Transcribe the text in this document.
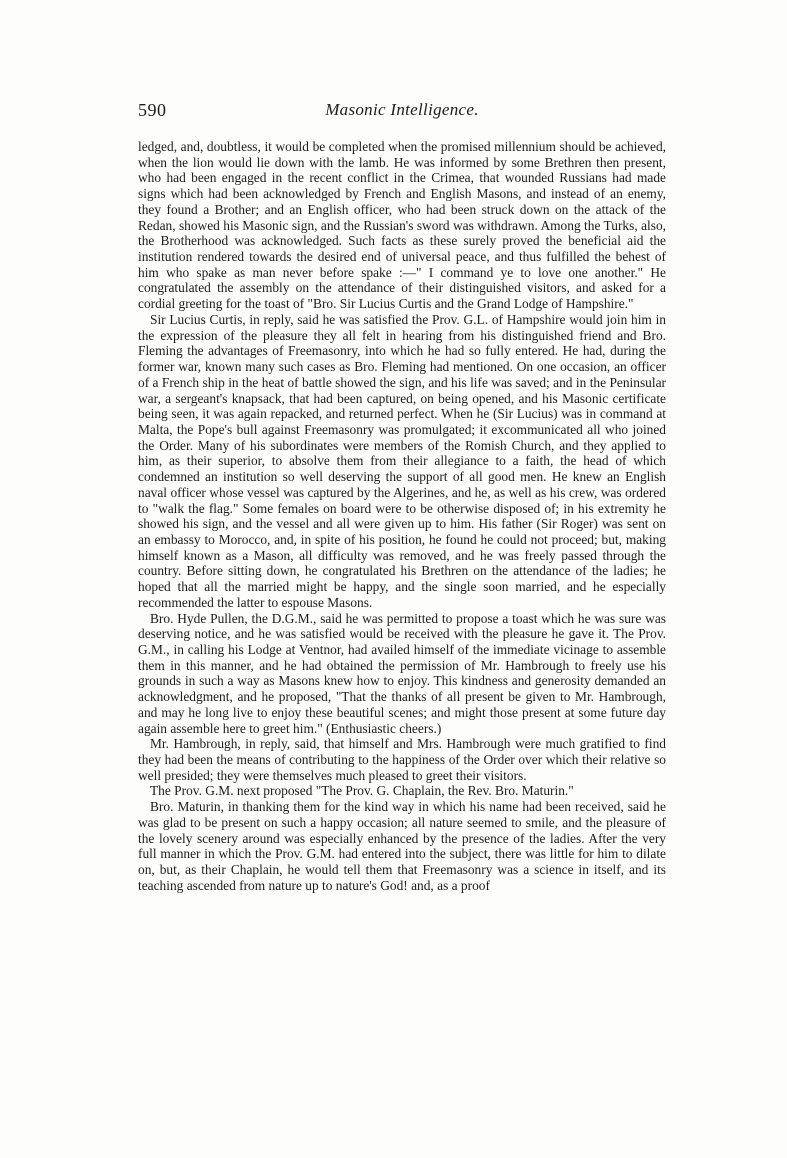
590	Masonic Intelligence.

ledged, and, doubtless, it would be completed when the promised millennium should be achieved, when the lion would lie down with the lamb. He was informed by some Brethren then present, who had been engaged in the recent conflict in the Crimea, that wounded Russians had made signs which had been acknowledged by French and English Masons, and instead of an enemy, they found a Brother; and an English officer, who had been struck down on the attack of the Redan, showed his Masonic sign, and the Russian's sword was withdrawn. Among the Turks, also, the Brotherhood was acknowledged. Such facts as these surely proved the beneficial aid the institution rendered towards the desired end of universal peace, and thus fulfilled the behest of him who spake as man never before spake :—" I command ye to love one another." He congratulated the assembly on the attendance of their distinguished visitors, and asked for a cordial greeting for the toast of "Bro. Sir Lucius Curtis and the Grand Lodge of Hampshire."

Sir Lucius Curtis, in reply, said he was satisfied the Prov. G.L. of Hampshire would join him in the expression of the pleasure they all felt in hearing from his distinguished friend and Bro. Fleming the advantages of Freemasonry, into which he had so fully entered. He had, during the former war, known many such cases as Bro. Fleming had mentioned. On one occasion, an officer of a French ship in the heat of battle showed the sign, and his life was saved; and in the Peninsular war, a sergeant's knapsack, that had been captured, on being opened, and his Masonic certificate being seen, it was again repacked, and returned perfect. When he (Sir Lucius) was in command at Malta, the Pope's bull against Freemasonry was promulgated; it excommunicated all who joined the Order. Many of his subordinates were members of the Romish Church, and they applied to him, as their superior, to absolve them from their allegiance to a faith, the head of which condemned an institution so well deserving the support of all good men. He knew an English naval officer whose vessel was captured by the Algerines, and he, as well as his crew, was ordered to "walk the flag." Some females on board were to be otherwise disposed of; in his extremity he showed his sign, and the vessel and all were given up to him. His father (Sir Roger) was sent on an embassy to Morocco, and, in spite of his position, he found he could not proceed; but, making himself known as a Mason, all difficulty was removed, and he was freely passed through the country. Before sitting down, he congratulated his Brethren on the attendance of the ladies; he hoped that all the married might be happy, and the single soon married, and he especially recommended the latter to espouse Masons.

Bro. Hyde Pullen, the D.G.M., said he was permitted to propose a toast which he was sure was deserving notice, and he was satisfied would be received with the pleasure he gave it. The Prov. G.M., in calling his Lodge at Ventnor, had availed himself of the immediate vicinage to assemble them in this manner, and he had obtained the permission of Mr. Hambrough to freely use his grounds in such a way as Masons knew how to enjoy. This kindness and generosity demanded an acknowledgment, and he proposed, "That the thanks of all present be given to Mr. Hambrough, and may he long live to enjoy these beautiful scenes; and might those present at some future day again assemble here to greet him." (Enthusiastic cheers.)

Mr. Hambrough, in reply, said, that himself and Mrs. Hambrough were much gratified to find they had been the means of contributing to the happiness of the Order over which their relative so well presided; they were themselves much pleased to greet their visitors.

The Prov. G.M. next proposed "The Prov. G. Chaplain, the Rev. Bro. Maturin."

Bro. Maturin, in thanking them for the kind way in which his name had been received, said he was glad to be present on such a happy occasion; all nature seemed to smile, and the pleasure of the lovely scenery around was especially enhanced by the presence of the ladies. After the very full manner in which the Prov. G.M. had entered into the subject, there was little for him to dilate on, but, as their Chaplain, he would tell them that Freemasonry was a science in itself, and its teaching ascended from nature up to nature's God! and, as a proof
